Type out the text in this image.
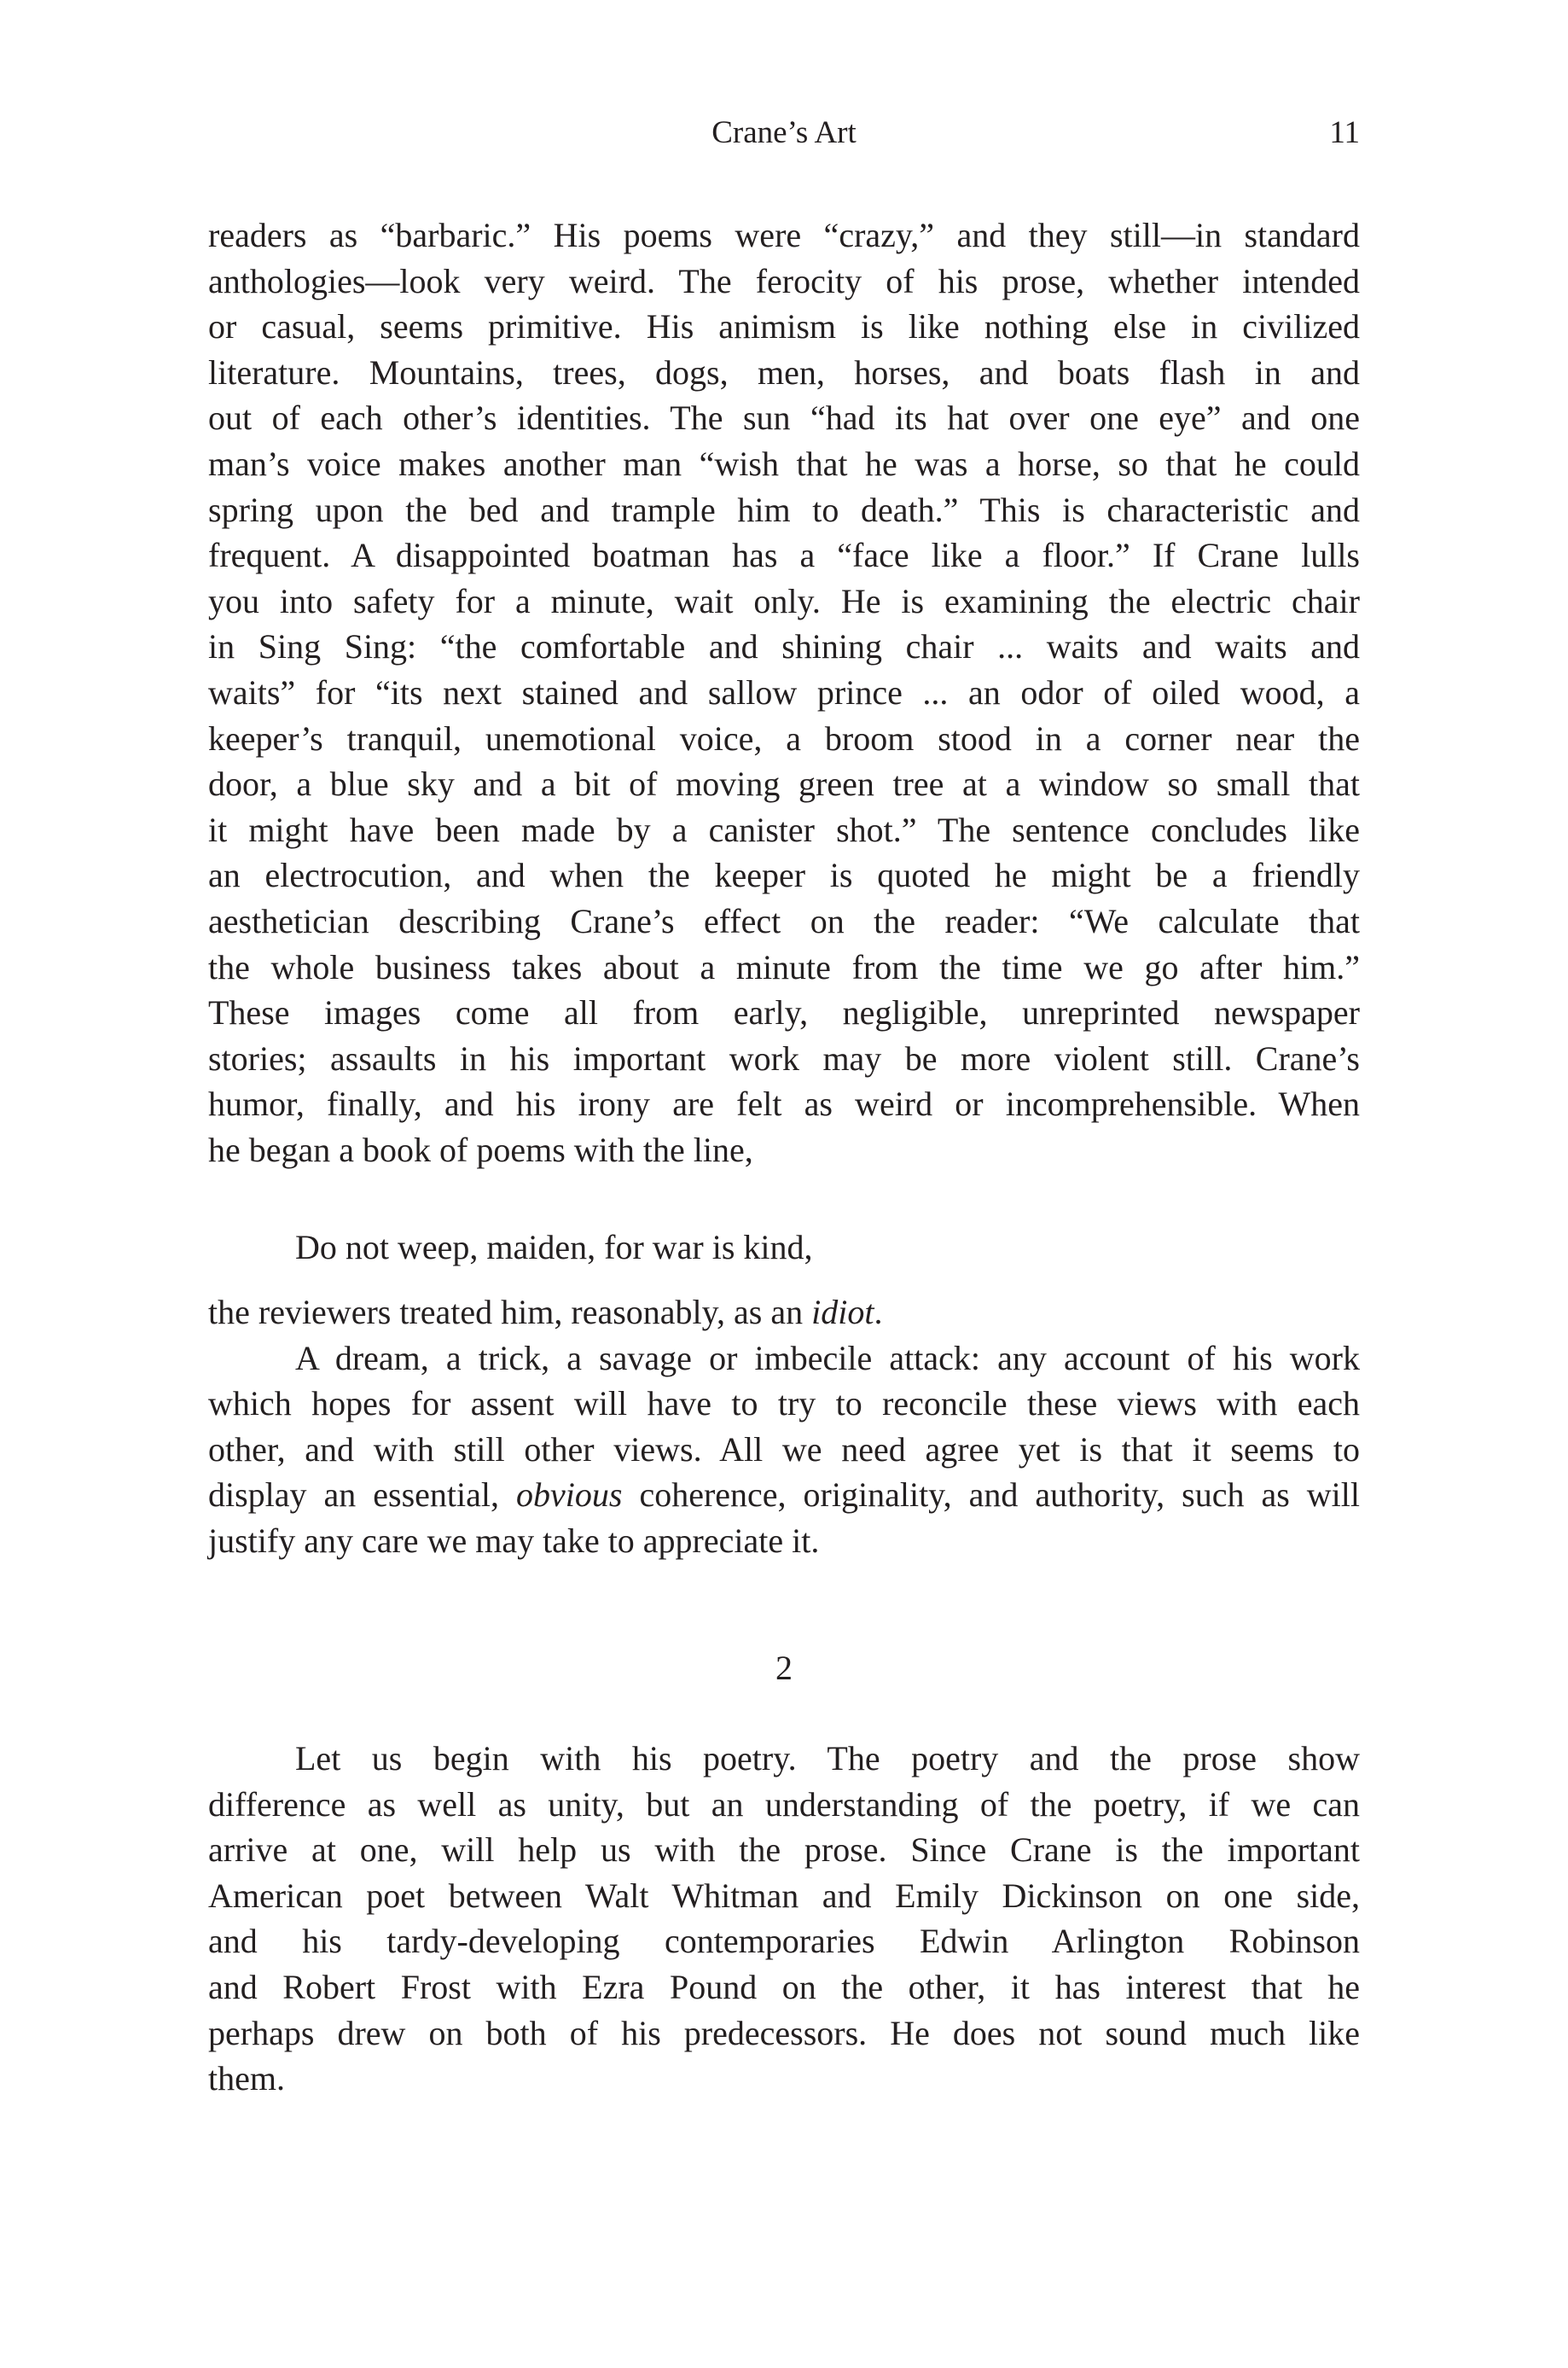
Crane’s Art	11
readers as “barbaric.” His poems were “crazy,” and they still—in standard
anthologies—look very weird. The ferocity of his prose, whether intended
or casual, seems primitive. His animism is like nothing else in civilized
literature. Mountains, trees, dogs, men, horses, and boats flash in and
out of each other’s identities. The sun “had its hat over one eye” and one
man’s voice makes another man “wish that he was a horse, so that he could
spring upon the bed and trample him to death.” This is characteristic and
frequent. A disappointed boatman has a “face like a floor.” If Crane lulls
you into safety for a minute, wait only. He is examining the electric chair
in Sing Sing: “the comfortable and shining chair ... waits and waits and
waits” for “its next stained and sallow prince ... an odor of oiled wood, a
keeper’s tranquil, unemotional voice, a broom stood in a corner near the
door, a blue sky and a bit of moving green tree at a window so small that
it might have been made by a canister shot.” The sentence concludes like
an electrocution, and when the keeper is quoted he might be a friendly
aesthetician describing Crane’s effect on the reader: “We calculate that
the whole business takes about a minute from the time we go after him.”
These images come all from early, negligible, unreprinted newspaper
stories; assaults in his important work may be more violent still. Crane’s
humor, finally, and his irony are felt as weird or incomprehensible. When
he began a book of poems with the line,
Do not weep, maiden, for war is kind,
the reviewers treated him, reasonably, as an idiot.
A dream, a trick, a savage or imbecile attack: any account of his work
which hopes for assent will have to try to reconcile these views with each
other, and with still other views. All we need agree yet is that it seems to
display an essential, obvious coherence, originality, and authority, such as will
justify any care we may take to appreciate it.
2
Let us begin with his poetry. The poetry and the prose show
difference as well as unity, but an understanding of the poetry, if we can
arrive at one, will help us with the prose. Since Crane is the important
American poet between Walt Whitman and Emily Dickinson on one side,
and his tardy-developing contemporaries Edwin Arlington Robinson
and Robert Frost with Ezra Pound on the other, it has interest that he
perhaps drew on both of his predecessors. He does not sound much like
them.
